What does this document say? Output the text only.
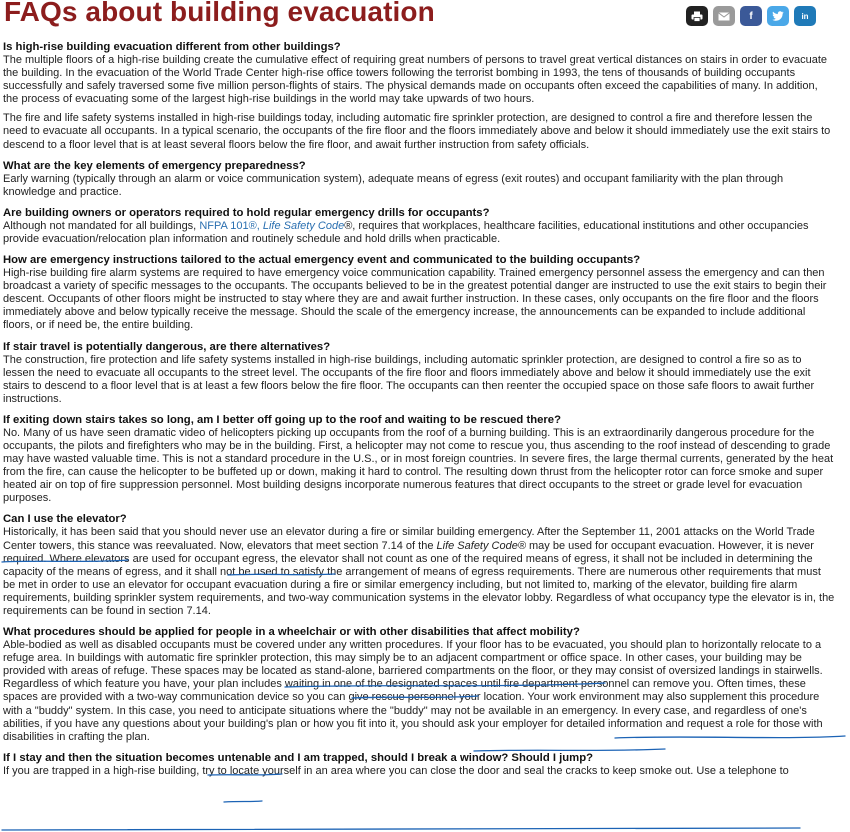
FAQs about building evacuation	f	in

Is high-rise building evacuation different from other buildings?

The multiple floors of a high-rise building create the cumulative effect of requiring great numbers of persons to travel great vertical distances on stairs in order to evacuate the building. In the evacuation of the World Trade Center high-rise office towers following the terrorist bombing in 1993, the tens of thousands of building occupants successfully and safely traversed some five million person-flights of stairs. The physical demands made on occupants often exceed the capabilities of many. In addition, the process of evacuating some of the largest high-rise buildings in the world may take upwards of two hours.

The fire and life safety systems installed in high-rise buildings today, including automatic fire sprinkler protection, are designed to control a fire and therefore lessen the need to evacuate all occupants. In a typical scenario, the occupants of the fire floor and the floors immediately above and below it should immediately use the exit stairs to descend to a floor level that is at least several floors below the fire floor, and await further instruction from safety officials.

What are the key elements of emergency preparedness?

Early warning (typically through an alarm or voice communication system), adequate means of egress (exit routes) and occupant familiarity with the plan through knowledge and practice.

Are building owners or operators required to hold regular emergency drills for occupants?

Although not mandated for all buildings, NFPA 101®, Life Safety Code®, requires that workplaces, healthcare facilities, educational institutions and other occupancies provide evacuation/relocation plan information and routinely schedule and hold drills when practicable.

How are emergency instructions tailored to the actual emergency event and communicated to the building occupants?

High-rise building fire alarm systems are required to have emergency voice communication capability. Trained emergency personnel assess the emergency and can then broadcast a variety of specific messages to the occupants. The occupants believed to be in the greatest potential danger are instructed to use the exit stairs to begin their descent. Occupants of other floors might be instructed to stay where they are and await further instruction. In these cases, only occupants on the fire floor and the floors immediately above and below typically receive the message. Should the scale of the emergency increase, the announcements can be expanded to include additional floors, or if need be, the entire building.

If stair travel is potentially dangerous, are there alternatives?

The construction, fire protection and life safety systems installed in high-rise buildings, including automatic sprinkler protection, are designed to control a fire so as to lessen the need to evacuate all occupants to the street level. The occupants of the fire floor and floors immediately above and below it should immediately use the exit stairs to descend to a floor level that is at least a few floors below the fire floor. The occupants can then reenter the occupied space on those safe floors to await further instructions.

If exiting down stairs takes so long, am I better off going up to the roof and waiting to be rescued there?

No. Many of us have seen dramatic video of helicopters picking up occupants from the roof of a burning building. This is an extraordinarily dangerous procedure for the occupants, the pilots and firefighters who may be in the building. First, a helicopter may not come to rescue you, thus ascending to the roof instead of descending to grade may have wasted valuable time. This is not a standard procedure in the U.S., or in most foreign countries. In severe fires, the large thermal currents, generated by the heat from the fire, can cause the helicopter to be buffeted up or down, making it hard to control. The resulting down thrust from the helicopter rotor can force smoke and super heated air on top of fire suppression personnel. Most building designs incorporate numerous features that direct occupants to the street or grade level for evacuation purposes.

Can I use the elevator?

Historically, it has been said that you should never use an elevator during a fire or similar building emergency. After the September 11, 2001 attacks on the World Trade Center towers, this stance was reevaluated. Now, elevators that meet section 7.14 of the Life Safety Code® may be used for occupant evacuation. However, it is never required. Where elevators are used for occupant egress, the elevator shall not count as one of the required means of egress, it shall not be included in determining the capacity of the means of egress, and it shall not be used to satisfy the arrangement of means of egress requirements. There are numerous other requirements that must be met in order to use an elevator for occupant evacuation during a fire or similar emergency including, but not limited to, marking of the elevator, building fire alarm requirements, building sprinkler system requirements, and two-way communication systems in the elevator lobby. Regardless of what occupancy type the elevator is in, the requirements can be found in section 7.14.

What procedures should be applied for people in a wheelchair or with other disabilities that affect mobility?

Able-bodied as well as disabled occupants must be covered under any written procedures. If your floor has to be evacuated, you should plan to horizontally relocate to a refuge area. In buildings with automatic fire sprinkler protection, this may simply be to an adjacent compartment or office space. In other cases, your building may be provided with areas of refuge. These spaces may be located as stand-alone, barriered compartments on the floor, or they may consist of oversized landings in stairwells. Regardless of which feature you have, your plan includes waiting in one of the designated spaces until fire department personnel can remove you. Often times, these spaces are provided with a two-way communication device so you can give rescue personnel your location. Your work environment may also supplement this procedure with a "buddy" system. In this case, you need to anticipate situations where the "buddy" may not be available in an emergency. In every case, and regardless of one's abilities, if you have any questions about your building's plan or how you fit into it, you should ask your employer for detailed information and request a role for those with disabilities in crafting the plan.

If I stay and then the situation becomes untenable and I am trapped, should I break a window? Should I jump?

If you are trapped in a high-rise building, try to locate yourself in an area where you can close the door and seal the cracks to keep smoke out. Use a telephone to
